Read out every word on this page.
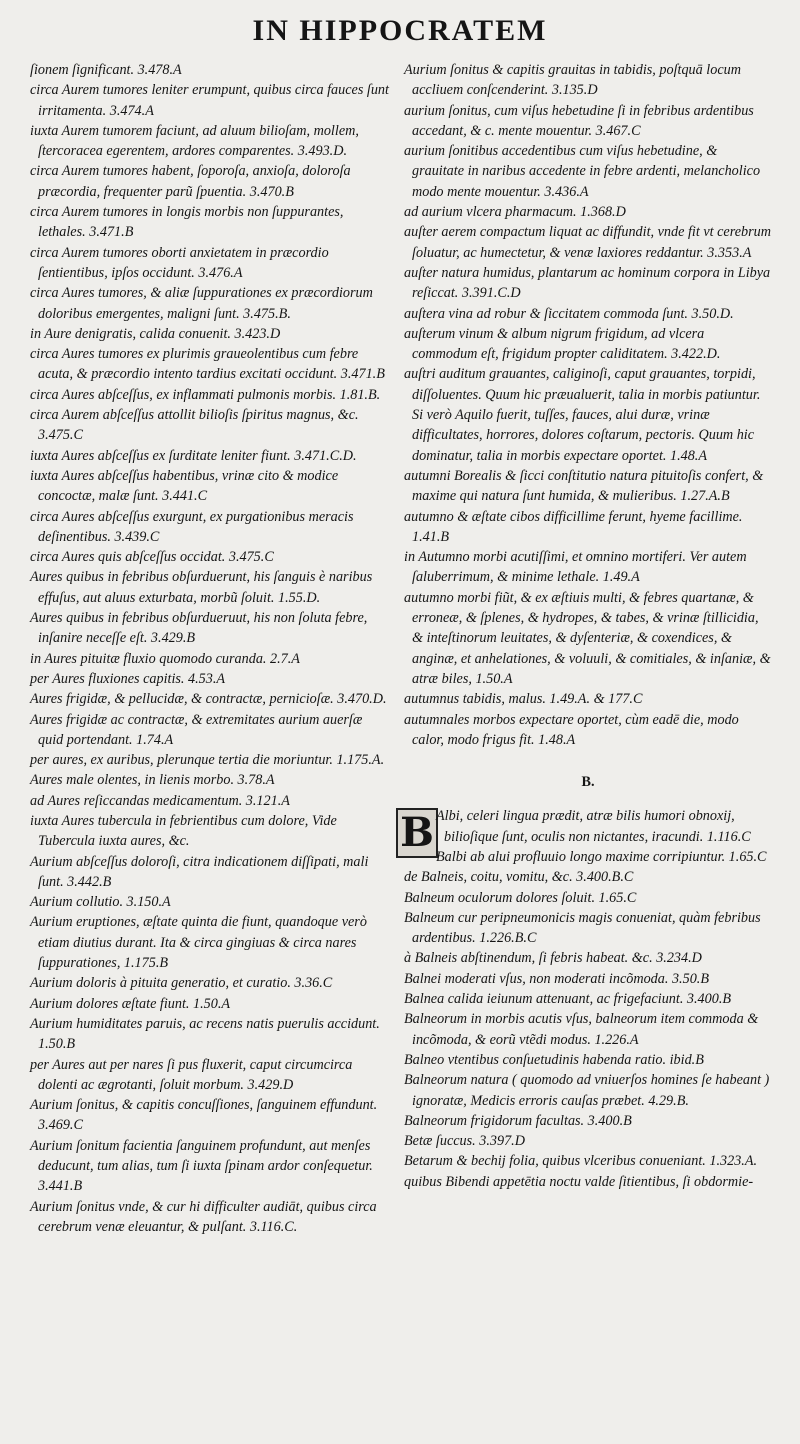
IN HIPPOCRATEM

ſionem ſignificant. 3.478.A

circa Aurem tumores leniter erumpunt, quibus circa fauces ſunt irritamenta. 3.474.A

iuxta Aurem tumorem faciunt, ad aluum bilioſam, mollem, ſtercoracea egerentem, ardores comparentes. 3.493.D.

circa Aurem tumores habent, ſoporoſa, anxioſa, doloroſa præcordia, frequenter parũ ſpuentia. 3.470.B

circa Aurem tumores in longis morbis non ſuppurantes, lethales. 3.471.B

circa Aurem tumores oborti anxietatem in præcordio ſentientibus, ipſos occidunt. 3.476.A

circa Aures tumores, & aliæ ſuppurationes ex præcordiorum doloribus emergentes, maligni ſunt. 3.475.B.

in Aure denigratis, calida conuenit. 3.423.D

circa Aures tumores ex plurimis graueolentibus cum febre acuta, & præcordio intento tardius excitati occidunt. 3.471.B

circa Aures abſceſſus, ex inflammati pulmonis morbis. 1.81.B.

circa Aurem abſceſſus attollit bilioſis ſpiritus magnus, &c. 3.475.C

iuxta Aures abſceſſus ex ſurditate leniter fiunt. 3.471.C.D.

iuxta Aures abſceſſus habentibus, vrinæ cito & modice concoctæ, malæ ſunt. 3.441.C

circa Aures abſceſſus exurgunt, ex purgationibus meracis deſinentibus. 3.439.C

circa Aures quis abſceſſus occidat. 3.475.C

Aures quibus in febribus obſurduerunt, his ſanguis è naribus effuſus, aut aluus exturbata, morbũ ſoluit. 1.55.D.

Aures quibus in febribus obſurdueruut, his non ſoluta febre, inſanire neceſſe eſt. 3.429.B

in Aures pituitæ fluxio quomodo curanda. 2.7.A

per Aures fluxiones capitis. 4.53.A

Aures frigidæ, & pellucidæ, & contractæ, pernicioſæ. 3.470.D.

Aures frigidæ ac contractæ, & extremitates aurium auerſæ quid portendant. 1.74.A

per aures, ex auribus, plerunque tertia die moriuntur. 1.175.A.

Aures male olentes, in lienis morbo. 3.78.A

ad Aures reſiccandas medicamentum. 3.121.A

iuxta Aures tubercula in febrientibus cum dolore, Vide Tubercula iuxta aures, &c.

Aurium abſceſſus doloroſi, citra indicationem diſſipati, mali ſunt. 3.442.B

Aurium collutio. 3.150.A

Aurium eruptiones, æſtate quinta die fiunt, quandoque verò etiam diutius durant. Ita & circa gingiuas & circa nares ſuppurationes, 1.175.B

Aurium doloris à pituita generatio, et curatio. 3.36.C

Aurium dolores æſtate fiunt. 1.50.A

Aurium humiditates paruis, ac recens natis puerulis accidunt. 1.50.B

per Aures aut per nares ſi pus fluxerit, caput circumcirca dolenti ac ægrotanti, ſoluit morbum. 3.429.D

Aurium ſonitus, & capitis concuſſiones, ſanguinem effundunt. 3.469.C

Aurium ſonitum facientia ſanguinem profundunt, aut menſes deducunt, tum alias, tum ſi iuxta ſpinam ardor conſequetur. 3.441.B

Aurium ſonitus vnde, & cur hi difficulter audiāt, quibus circa cerebrum venæ eleuantur, & pulſant. 3.116.C.

Aurium ſonitus & capitis grauitas in tabidis, poſtquā locum accliuem conſcenderint. 3.135.D

aurium ſonitus, cum viſus hebetudine ſi in febribus ardentibus accedant, & c. mente mouentur. 3.467.C

aurium ſonitibus accedentibus cum viſus hebetudine, & grauitate in naribus accedente in febre ardenti, melancholico modo mente mouentur. 3.436.A

ad aurium vlcera pharmacum. 1.368.D

auſter aerem compactum liquat ac diffundit, vnde fit vt cerebrum ſoluatur, ac humectetur, & venæ laxiores reddantur. 3.353.A

auſter natura humidus, plantarum ac hominum corpora in Libya reſiccat. 3.391.C.D

auſtera vina ad robur & ſiccitatem commoda ſunt. 3.50.D.

auſterum vinum & album nigrum frigidum, ad vlcera commodum eſt, frigidum propter caliditatem. 3.422.D.

auſtri auditum grauantes, caliginoſi, caput grauantes, torpidi, diſſoluentes. Quum hic præualuerit, talia in morbis patiuntur. Si verò Aquilo fuerit, tuſſes, fauces, alui duræ, vrinæ difficultates, horrores, dolores coſtarum, pectoris. Quum hic dominatur, talia in morbis expectare oportet. 1.48.A

autumni Borealis & ſicci conſtitutio natura pituitoſis confert, & maxime qui natura ſunt humida, & mulieribus. 1.27.A.B

autumno & æſtate cibos difficillime ferunt, hyeme facillime. 1.41.B

in Autumno morbi acutiſſimi, et omnino mortiferi. Ver autem ſaluberrimum, & minime lethale. 1.49.A

autumno morbi fiũt, & ex æſtiuis multi, & febres quartanæ, & erroneæ, & ſplenes, & hydropes, & tabes, & vrinæ ſtillicidia, & inteſtinorum leuitates, & dyſenteriæ, & coxendices, & anginæ, et anhelationes, & voluuli, & comitiales, & inſaniæ, & atræ biles, 1.50.A

autumnus tabidis, malus. 1.49.A. & 177.C

autumnales morbos expectare oportet, cùm eadē die, modo calor, modo frigus fit. 1.48.A

B.
B Albi, celeri lingua prædit, atræ bilis humori obnoxij, bilioſique ſunt, oculis non nictantes, iracundi. 1.116.C

Balbi ab alui profluuio longo maxime corripiuntur. 1.65.C

de Balneis, coitu, vomitu, &c. 3.400.B.C

Balneum oculorum dolores ſoluit. 1.65.C

Balneum cur peripneumonicis magis conueniat, quàm febribus ardentibus. 1.226.B.C

à Balneis abſtinendum, ſi febris habeat. &c. 3.234.D

Balnei moderati vſus, non moderati incõmoda. 3.50.B

Balnea calida ieiunum attenuant, ac frigefaciunt. 3.400.B

Balneorum in morbis acutis vſus, balneorum item commoda & incõmoda, & eorũ vtẽdi modus. 1.226.A

Balneo vtentibus conſuetudinis habenda ratio. ibid.B

Balneorum natura ( quomodo ad vniuerſos homines ſe habeant ) ignoratæ, Medicis erroris cauſas præbet. 4.29.B.

Balneorum frigidorum facultas. 3.400.B

Betæ ſuccus. 3.397.D

Betarum & bechij folia, quibus vlceribus conueniant. 1.323.A.

quibus Bibendi appetētia noctu valde ſitientibus, ſi obdormie-
